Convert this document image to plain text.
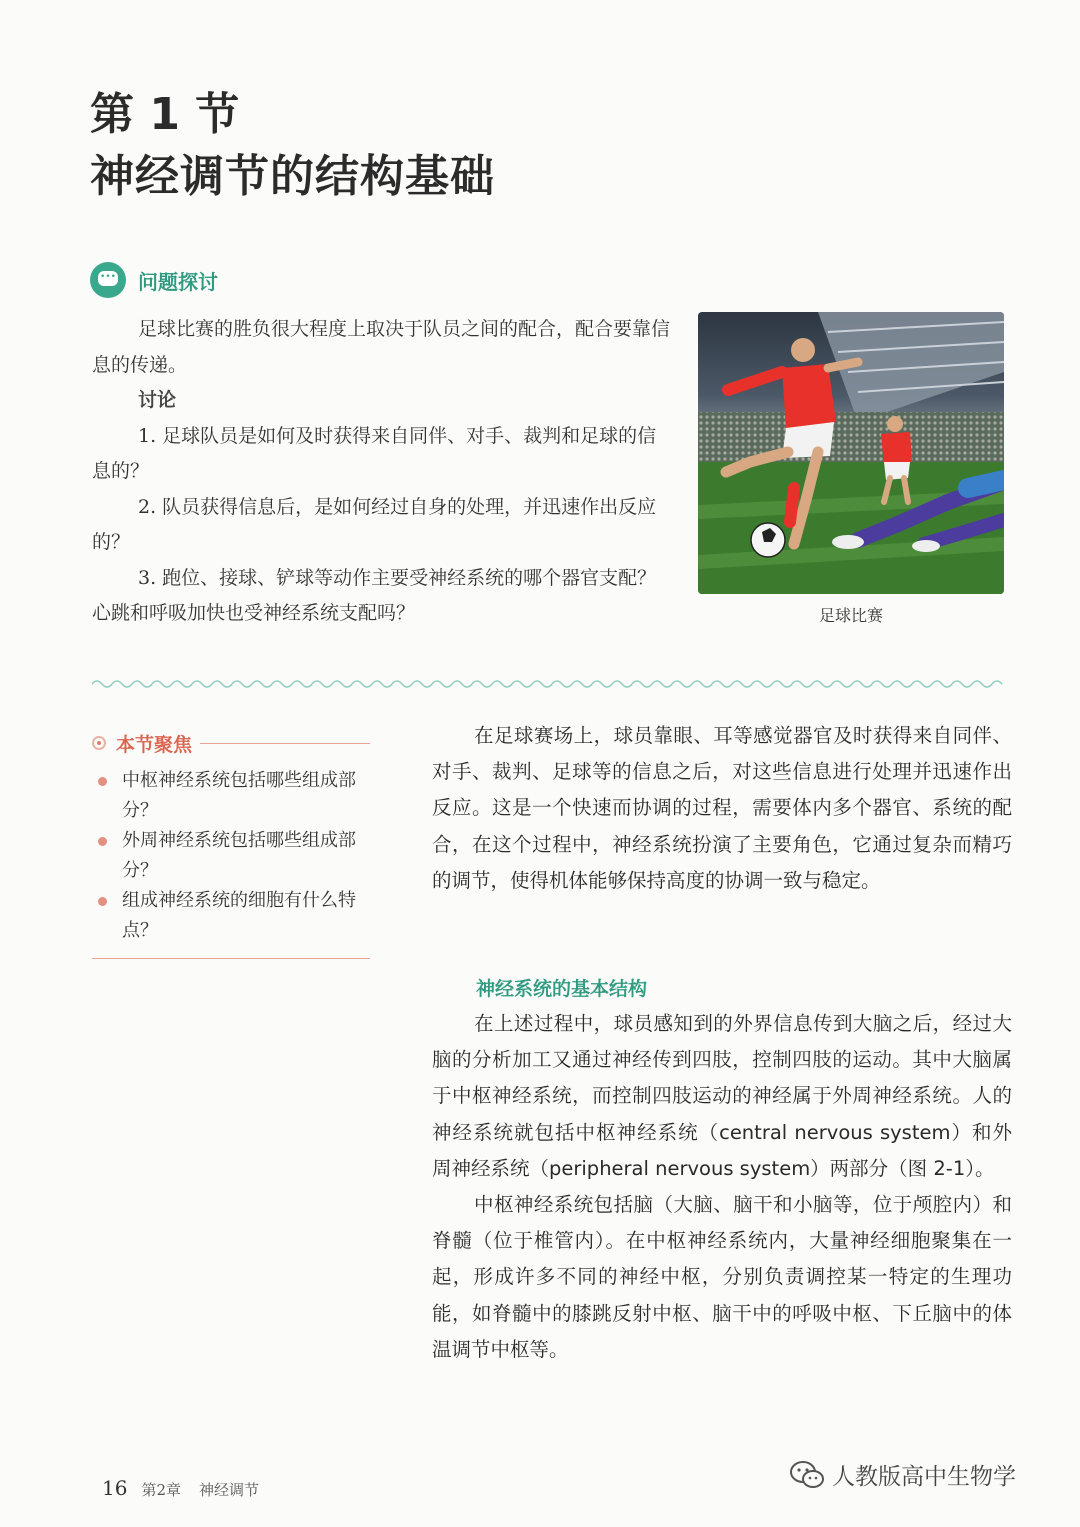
第 1 节
神经调节的结构基础
•••
问题探讨

足球比赛的胜负很大程度上取决于队员之间的配合，配合要靠信息的传递。

讨论

1. 足球队员是如何及时获得来自同伴、对手、裁判和足球的信息的？

2. 队员获得信息后，是如何经过自身的处理，并迅速作出反应的？

3. 跑位、接球、铲球等动作主要受神经系统的哪个器官支配？心跳和呼吸加快也受神经系统支配吗？	足球比赛
本节聚焦
中枢神经系统包括哪些组成部分？
外周神经系统包括哪些组成部分？
组成神经系统的细胞有什么特点？

在足球赛场上，球员靠眼、耳等感觉器官及时获得来自同伴、对手、裁判、足球等的信息之后，对这些信息进行处理并迅速作出反应。这是一个快速而协调的过程，需要体内多个器官、系统的配合，在这个过程中，神经系统扮演了主要角色，它通过复杂而精巧的调节，使得机体能够保持高度的协调一致与稳定。

神经系统的基本结构

在上述过程中，球员感知到的外界信息传到大脑之后，经过大脑的分析加工又通过神经传到四肢，控制四肢的运动。其中大脑属于中枢神经系统，而控制四肢运动的神经属于外周神经系统。人的神经系统就包括中枢神经系统（central nervous system）和外周神经系统（peripheral nervous system）两部分（图 2-1）。

中枢神经系统包括脑（大脑、脑干和小脑等，位于颅腔内）和脊髓（位于椎管内）。在中枢神经系统内，大量神经细胞聚集在一起，形成许多不同的神经中枢，分别负责调控某一特定的生理功能，如脊髓中的膝跳反射中枢、脑干中的呼吸中枢、下丘脑中的体温调节中枢等。

16 第2章 神经调节	人教版高中生物学
